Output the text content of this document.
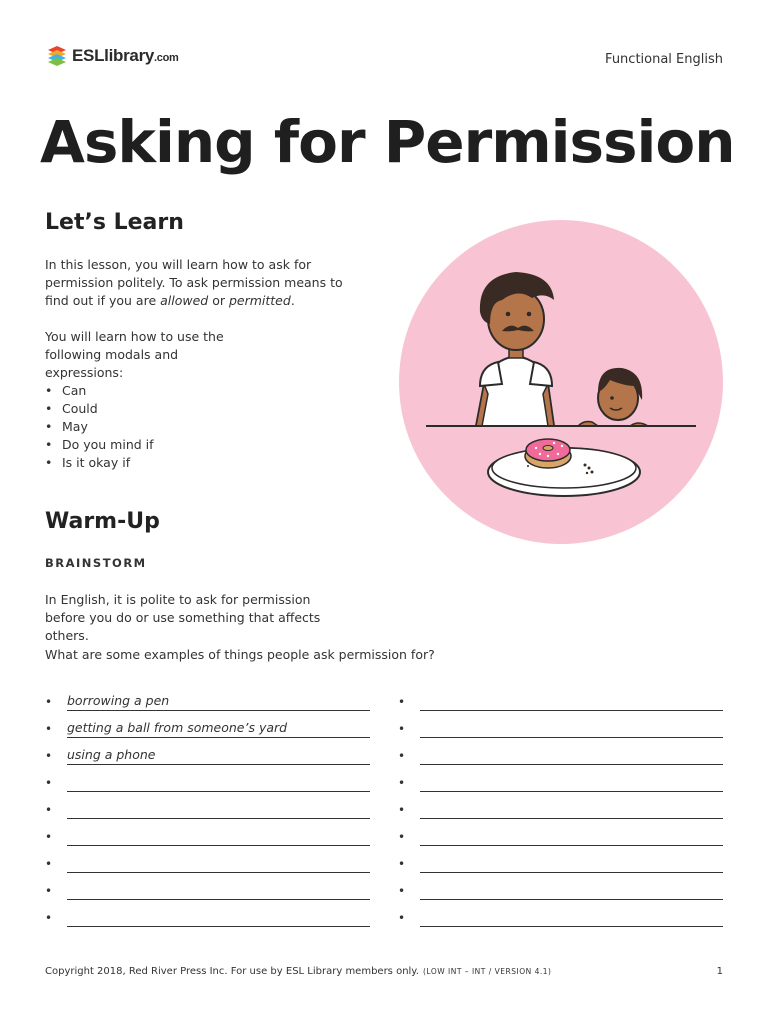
ESLlibrary.com	Functional English
Asking for Permission
Let’s Learn

In this lesson, you will learn how to ask for permission politely. To ask permission means to find out if you are allowed or permitted.

You will learn how to use the following modals and expressions:

• Can
• Could
• May
• Do you mind if
• Is it okay if
Warm-Up
BRAINSTORM

In English, it is polite to ask for permission before you do or use something that affects others.

What are some examples of things people ask permission for?

•	borrowing a pen
•	getting a ball from someone’s yard
•	using a phone
•
•
•
•
•
•
•
•
•
•
•
•
•
•
•
Copyright 2018, Red River Press Inc. For use by ESL Library members only. (LOW INT – INT / VERSION 4.1)	1
